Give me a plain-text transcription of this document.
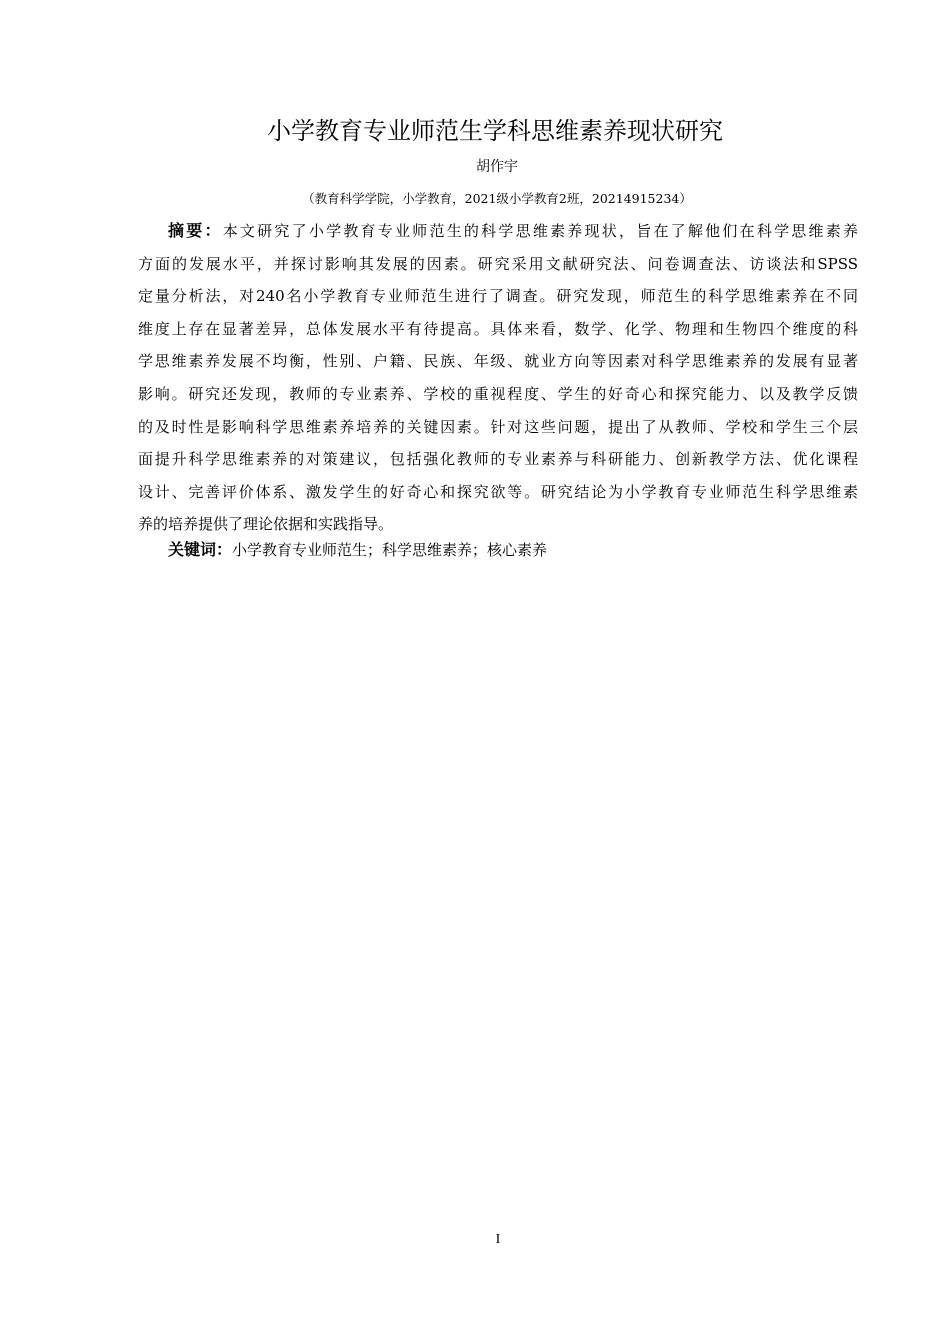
小学教育专业师范生学科思维素养现状研究
胡作宇
（教育科学学院，小学教育，2021级小学教育2班，20214915234）
摘要：本文研究了小学教育专业师范生的科学思维素养现状，旨在了解他们在科学思维素养
方面的发展水平，并探讨影响其发展的因素。研究采用文献研究法、问卷调查法、访谈法和SPSS
定量分析法，对240名小学教育专业师范生进行了调查。研究发现，师范生的科学思维素养在不同
维度上存在显著差异，总体发展水平有待提高。具体来看，数学、化学、物理和生物四个维度的科
学思维素养发展不均衡，性别、户籍、民族、年级、就业方向等因素对科学思维素养的发展有显著
影响。研究还发现，教师的专业素养、学校的重视程度、学生的好奇心和探究能力、以及教学反馈
的及时性是影响科学思维素养培养的关键因素。针对这些问题，提出了从教师、学校和学生三个层
面提升科学思维素养的对策建议，包括强化教师的专业素养与科研能力、创新教学方法、优化课程
设计、完善评价体系、激发学生的好奇心和探究欲等。研究结论为小学教育专业师范生科学思维素
养的培养提供了理论依据和实践指导。
关键词：小学教育专业师范生；科学思维素养；核心素养
I
